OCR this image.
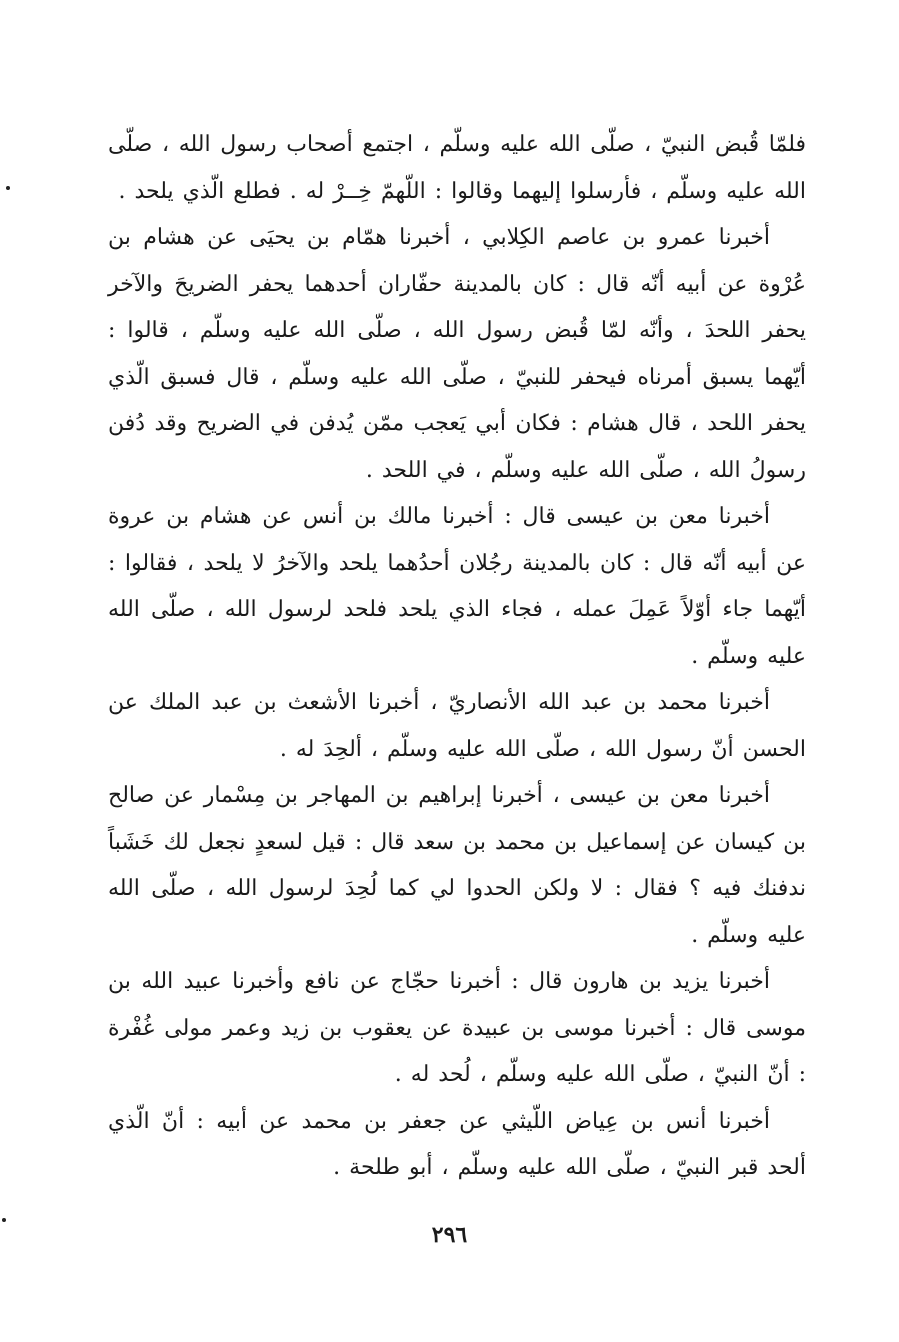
فلمّا قُبض النبيّ ، صلّى الله عليه وسلّم ، اجتمع أصحاب رسول الله ، صلّى الله عليه وسلّم ، فأرسلوا إليهما وقالوا : اللّهمّ خِــرْ له . فطلع الّذي يلحد .

أخبرنا عمرو بن عاصم الكِلابي ، أخبرنا همّام بن يحيَى عن هشام بن عُرْوة عن أبيه أنّه قال : كان بالمدينة حفّاران أحدهما يحفر الضريحَ والآخر يحفر اللحدَ ، وأنّه لمّا قُبض رسول الله ، صلّى الله عليه وسلّم ، قالوا : أيّهما يسبق أمرناه فيحفر للنبيّ ، صلّى الله عليه وسلّم ، قال فسبق الّذي يحفر اللحد ، قال هشام : فكان أبي يَعجب ممّن يُدفن في الضريح وقد دُفن رسولُ الله ، صلّى الله عليه وسلّم ، في اللحد .

أخبرنا معن بن عيسى قال : أخبرنا مالك بن أنس عن هشام بن عروة عن أبيه أنّه قال : كان بالمدينة رجُلان أحدُهما يلحد والآخرُ لا يلحد ، فقالوا : أيّهما جاء أوّلاً عَمِلَ عمله ، فجاء الذي يلحد فلحد لرسول الله ، صلّى الله عليه وسلّم .

أخبرنا محمد بن عبد الله الأنصاريّ ، أخبرنا الأشعث بن عبد الملك عن الحسن أنّ رسول الله ، صلّى الله عليه وسلّم ، ألحِدَ له .

أخبرنا معن بن عيسى ، أخبرنا إبراهيم بن المهاجر بن مِسْمار عن صالح بن كيسان عن إسماعيل بن محمد بن سعد قال : قيل لسعدٍ نجعل لك خَشَباً ندفنك فيه ؟ فقال : لا ولكن الحدوا لي كما لُحِدَ لرسول الله ، صلّى الله عليه وسلّم .

أخبرنا يزيد بن هارون قال : أخبرنا حجّاج عن نافع وأخبرنا عبيد الله بن موسى قال : أخبرنا موسى بن عبيدة عن يعقوب بن زيد وعمر مولى غُفْرة : أنّ النبيّ ، صلّى الله عليه وسلّم ، لُحد له .

أخبرنا أنس بن عِياض اللّيثي عن جعفر بن محمد عن أبيه : أنّ الّذي ألحد قبر النبيّ ، صلّى الله عليه وسلّم ، أبو طلحة .

٢٩٦
